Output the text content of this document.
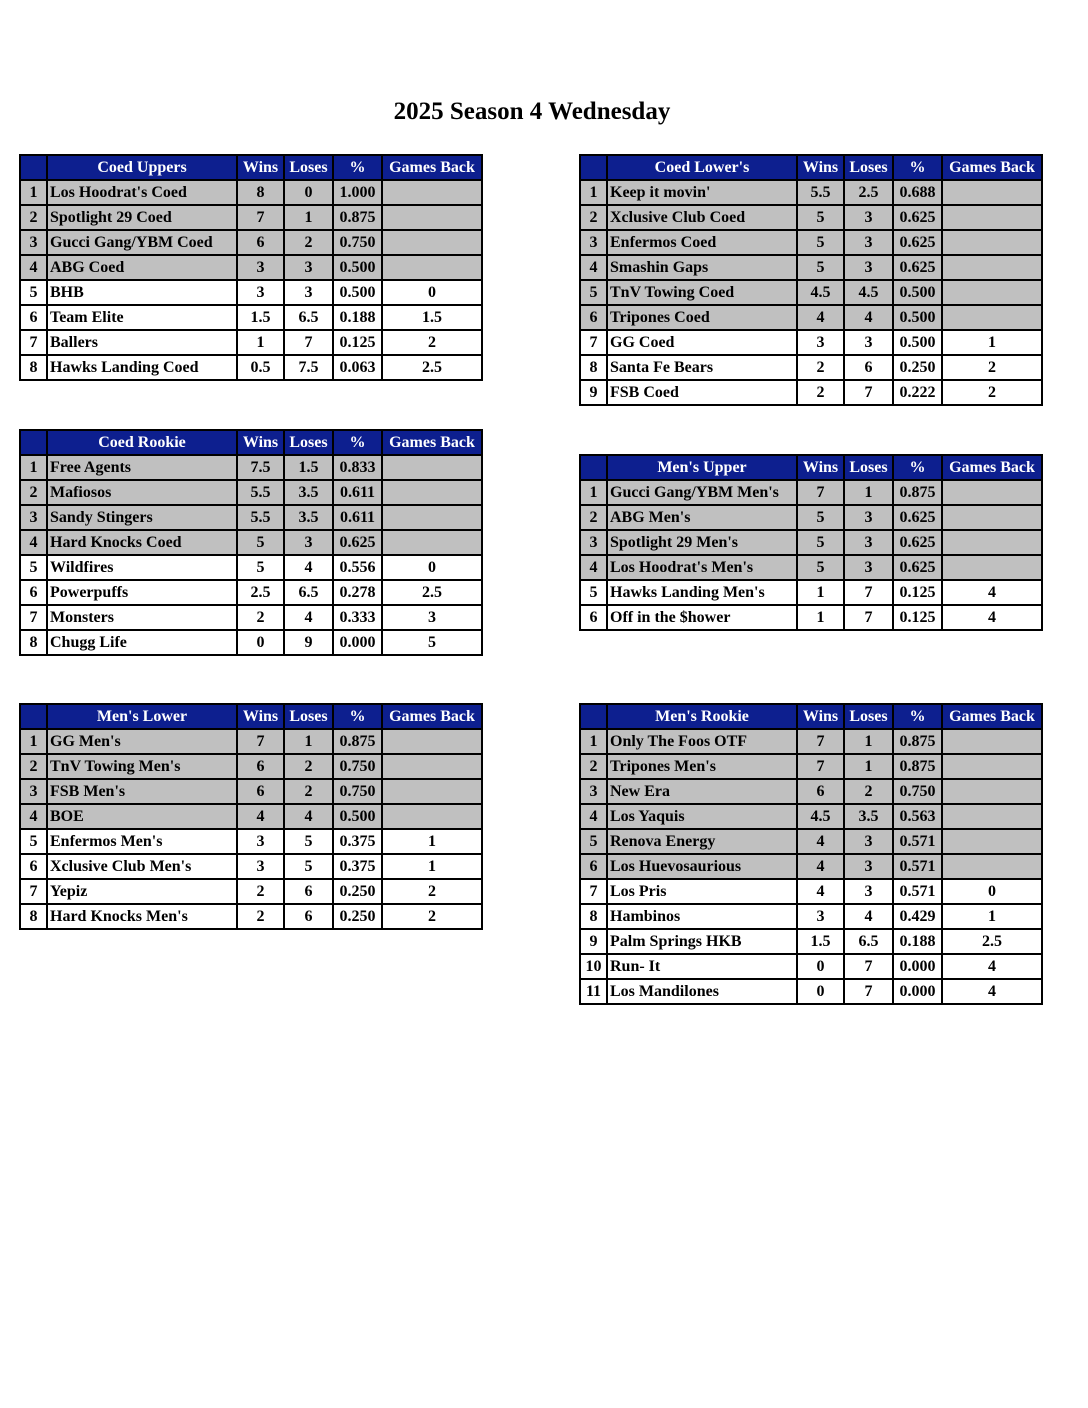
2025 Season 4 Wednesday
	Coed Uppers	Wins	Loses	%	Games Back
1	Los Hoodrat's Coed	8	0	1.000	
2	Spotlight 29 Coed	7	1	0.875	
3	Gucci Gang/YBM Coed	6	2	0.750	
4	ABG Coed	3	3	0.500	
5	BHB	3	3	0.500	0
6	Team Elite	1.5	6.5	0.188	1.5
7	Ballers	1	7	0.125	2
8	Hawks Landing Coed	0.5	7.5	0.063	2.5
	Coed Lower's	Wins	Loses	%	Games Back
1	Keep it movin'	5.5	2.5	0.688	
2	Xclusive Club Coed	5	3	0.625	
3	Enfermos Coed	5	3	0.625	
4	Smashin Gaps	5	3	0.625	
5	TnV Towing Coed	4.5	4.5	0.500	
6	Tripones Coed	4	4	0.500	
7	GG Coed	3	3	0.500	1
8	Santa Fe Bears	2	6	0.250	2
9	FSB Coed	2	7	0.222	2
	Coed Rookie	Wins	Loses	%	Games Back
1	Free Agents	7.5	1.5	0.833	
2	Mafiosos	5.5	3.5	0.611	
3	Sandy Stingers	5.5	3.5	0.611	
4	Hard Knocks Coed	5	3	0.625	
5	Wildfires	5	4	0.556	0
6	Powerpuffs	2.5	6.5	0.278	2.5
7	Monsters	2	4	0.333	3
8	Chugg Life	0	9	0.000	5
	Men's Upper	Wins	Loses	%	Games Back
1	Gucci Gang/YBM Men's	7	1	0.875	
2	ABG Men's	5	3	0.625	
3	Spotlight 29 Men's	5	3	0.625	
4	Los Hoodrat's Men's	5	3	0.625	
5	Hawks Landing Men's	1	7	0.125	4
6	Off in the $hower	1	7	0.125	4
	Men's Lower	Wins	Loses	%	Games Back
1	GG Men's	7	1	0.875	
2	TnV Towing Men's	6	2	0.750	
3	FSB Men's	6	2	0.750	
4	BOE	4	4	0.500	
5	Enfermos Men's	3	5	0.375	1
6	Xclusive Club Men's	3	5	0.375	1
7	Yepiz	2	6	0.250	2
8	Hard Knocks Men's	2	6	0.250	2
	Men's Rookie	Wins	Loses	%	Games Back
1	Only The Foos OTF	7	1	0.875	
2	Tripones Men's	7	1	0.875	
3	New Era	6	2	0.750	
4	Los Yaquis	4.5	3.5	0.563	
5	Renova Energy	4	3	0.571	
6	Los Huevosaurious	4	3	0.571	
7	Los Pris	4	3	0.571	0
8	Hambinos	3	4	0.429	1
9	Palm Springs HKB	1.5	6.5	0.188	2.5
10	Run- It	0	7	0.000	4
11	Los Mandilones	0	7	0.000	4
